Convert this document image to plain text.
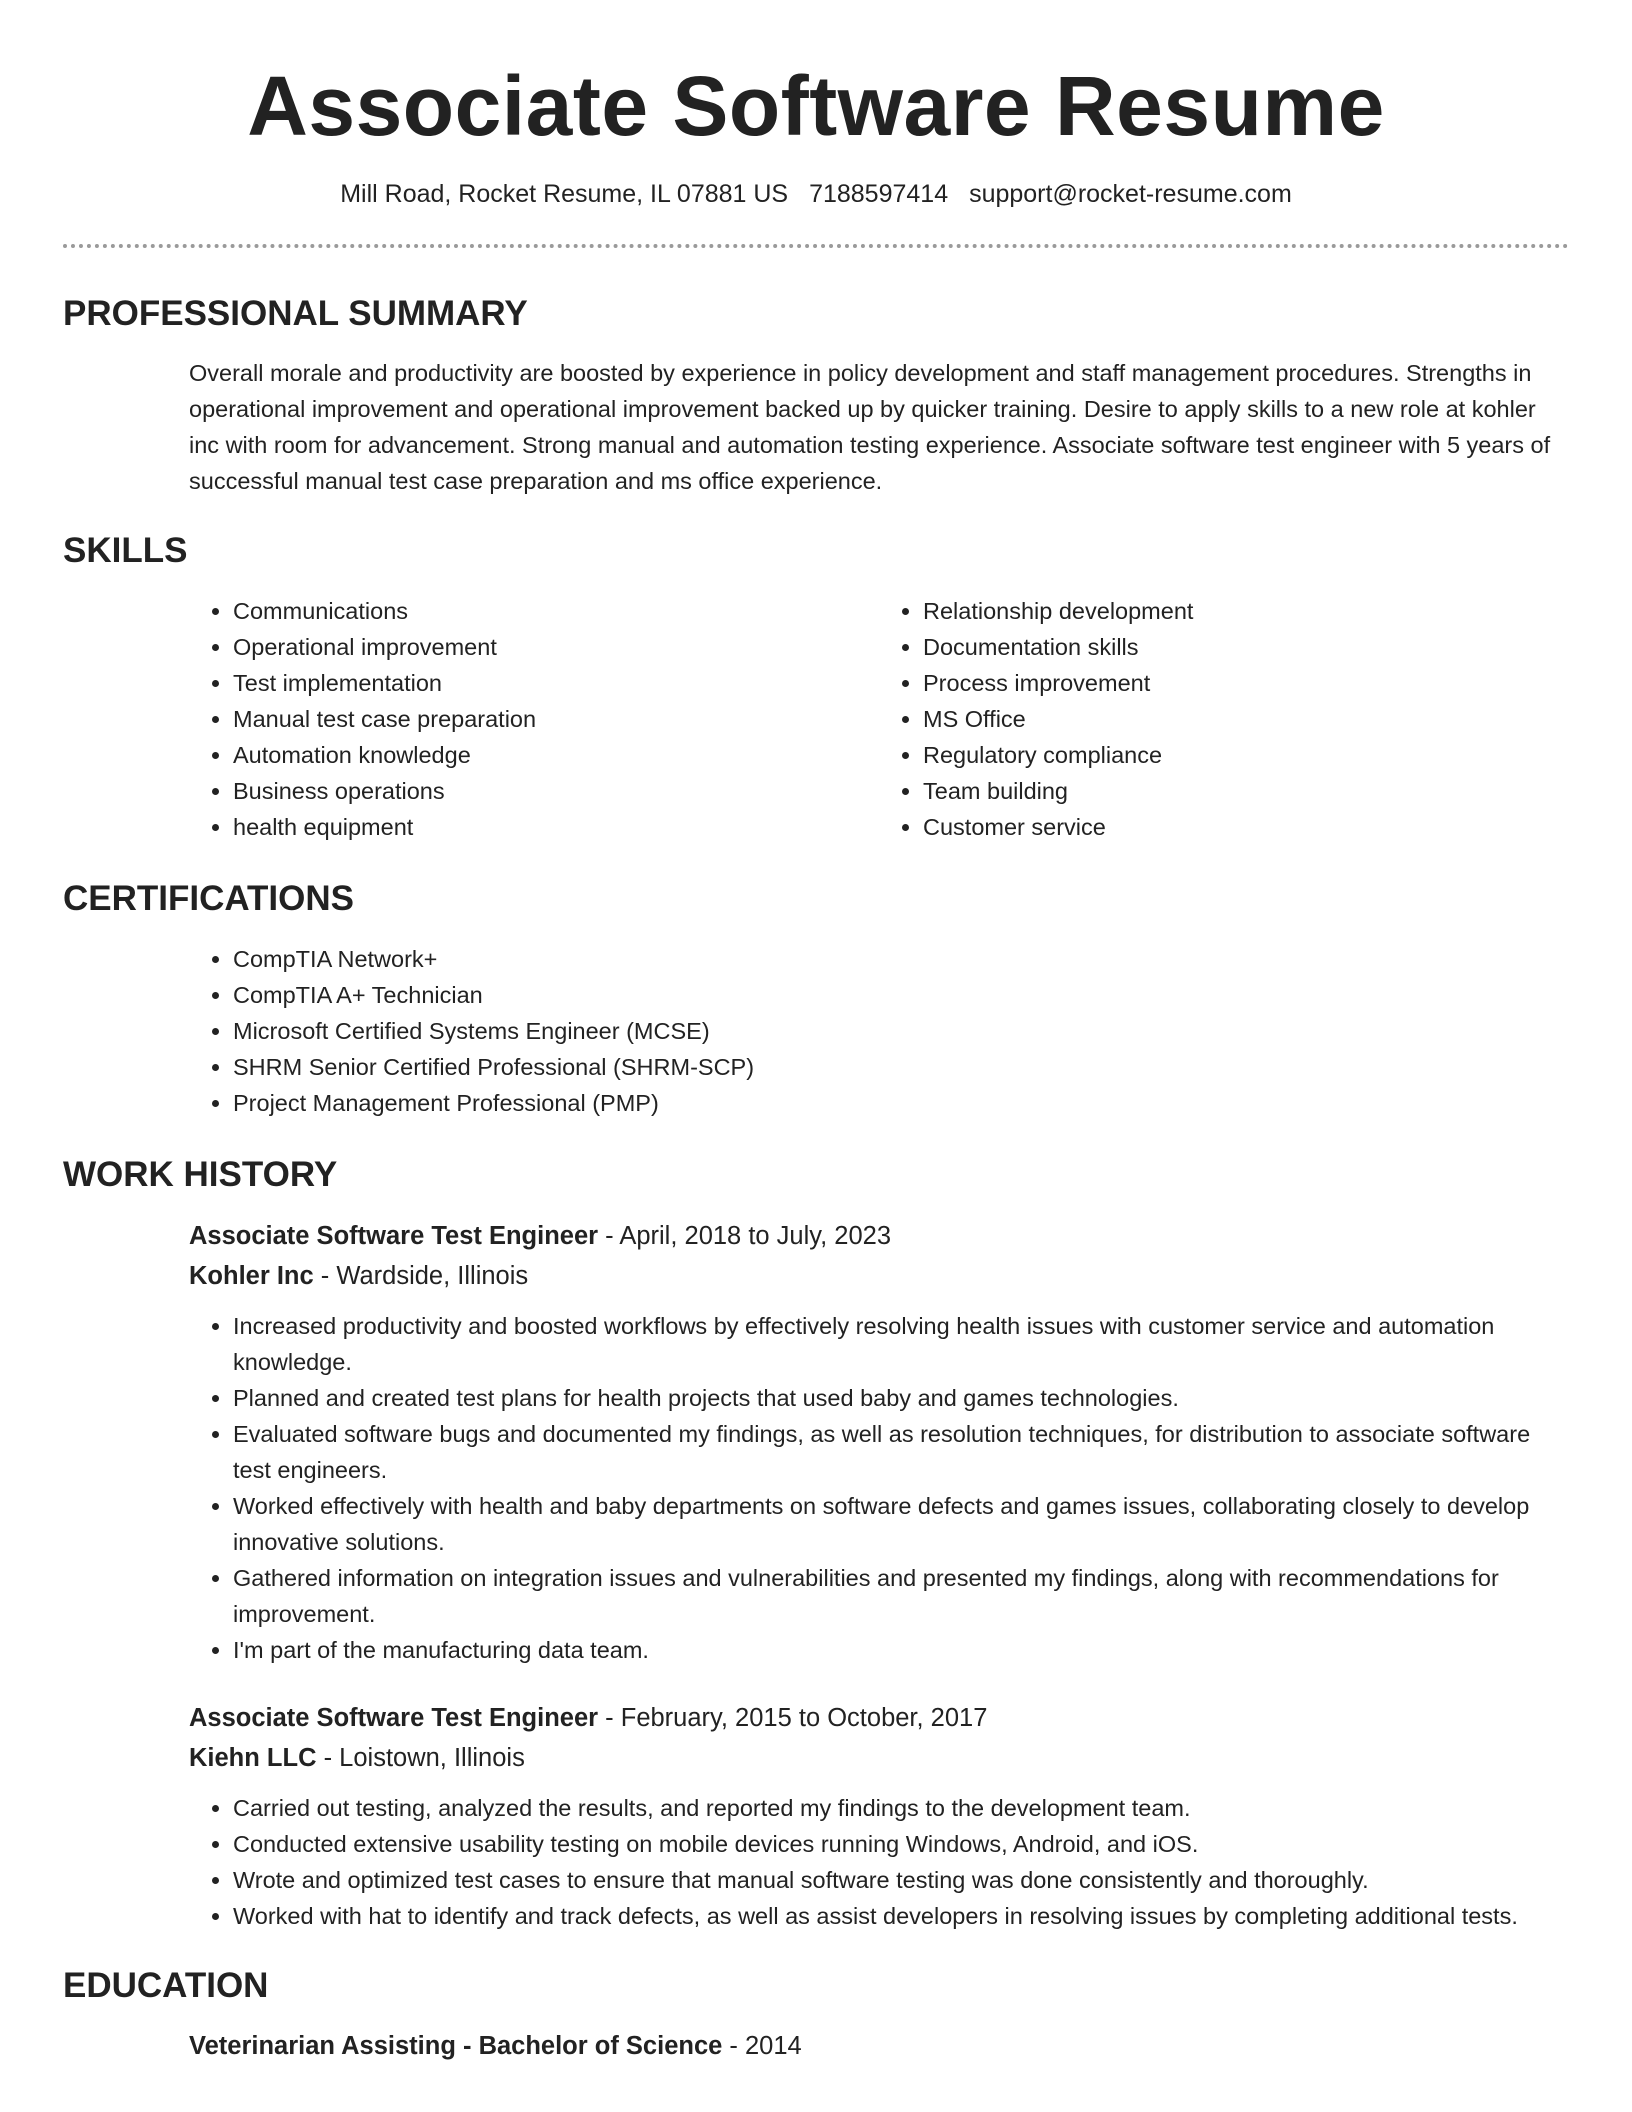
Associate Software Resume
Mill Road, Rocket Resume, IL 07881 US 7188597414 support@rocket-resume.com
PROFESSIONAL SUMMARY
Overall morale and productivity are boosted by experience in policy development and staff management procedures. Strengths in operational improvement and operational improvement backed up by quicker training. Desire to apply skills to a new role at kohler inc with room for advancement. Strong manual and automation testing experience. Associate software test engineer with 5 years of successful manual test case preparation and ms office experience.
SKILLS
• Communications
• Operational improvement
• Test implementation
• Manual test case preparation
• Automation knowledge
• Business operations
• health equipment
• Relationship development
• Documentation skills
• Process improvement
• MS Office
• Regulatory compliance
• Team building
• Customer service
CERTIFICATIONS
• CompTIA Network+
• CompTIA A+ Technician
• Microsoft Certified Systems Engineer (MCSE)
• SHRM Senior Certified Professional (SHRM-SCP)
• Project Management Professional (PMP)
WORK HISTORY
Associate Software Test Engineer - April, 2018 to July, 2023
Kohler Inc - Wardside, Illinois
• Increased productivity and boosted workflows by effectively resolving health issues with customer service and automation knowledge.
• Planned and created test plans for health projects that used baby and games technologies.
• Evaluated software bugs and documented my findings, as well as resolution techniques, for distribution to associate software test engineers.
• Worked effectively with health and baby departments on software defects and games issues, collaborating closely to develop innovative solutions.
• Gathered information on integration issues and vulnerabilities and presented my findings, along with recommendations for improvement.
• I'm part of the manufacturing data team.
Associate Software Test Engineer - February, 2015 to October, 2017
Kiehn LLC - Loistown, Illinois
• Carried out testing, analyzed the results, and reported my findings to the development team.
• Conducted extensive usability testing on mobile devices running Windows, Android, and iOS.
• Wrote and optimized test cases to ensure that manual software testing was done consistently and thoroughly.
• Worked with hat to identify and track defects, as well as assist developers in resolving issues by completing additional tests.
EDUCATION
Veterinarian Assisting - Bachelor of Science - 2014
